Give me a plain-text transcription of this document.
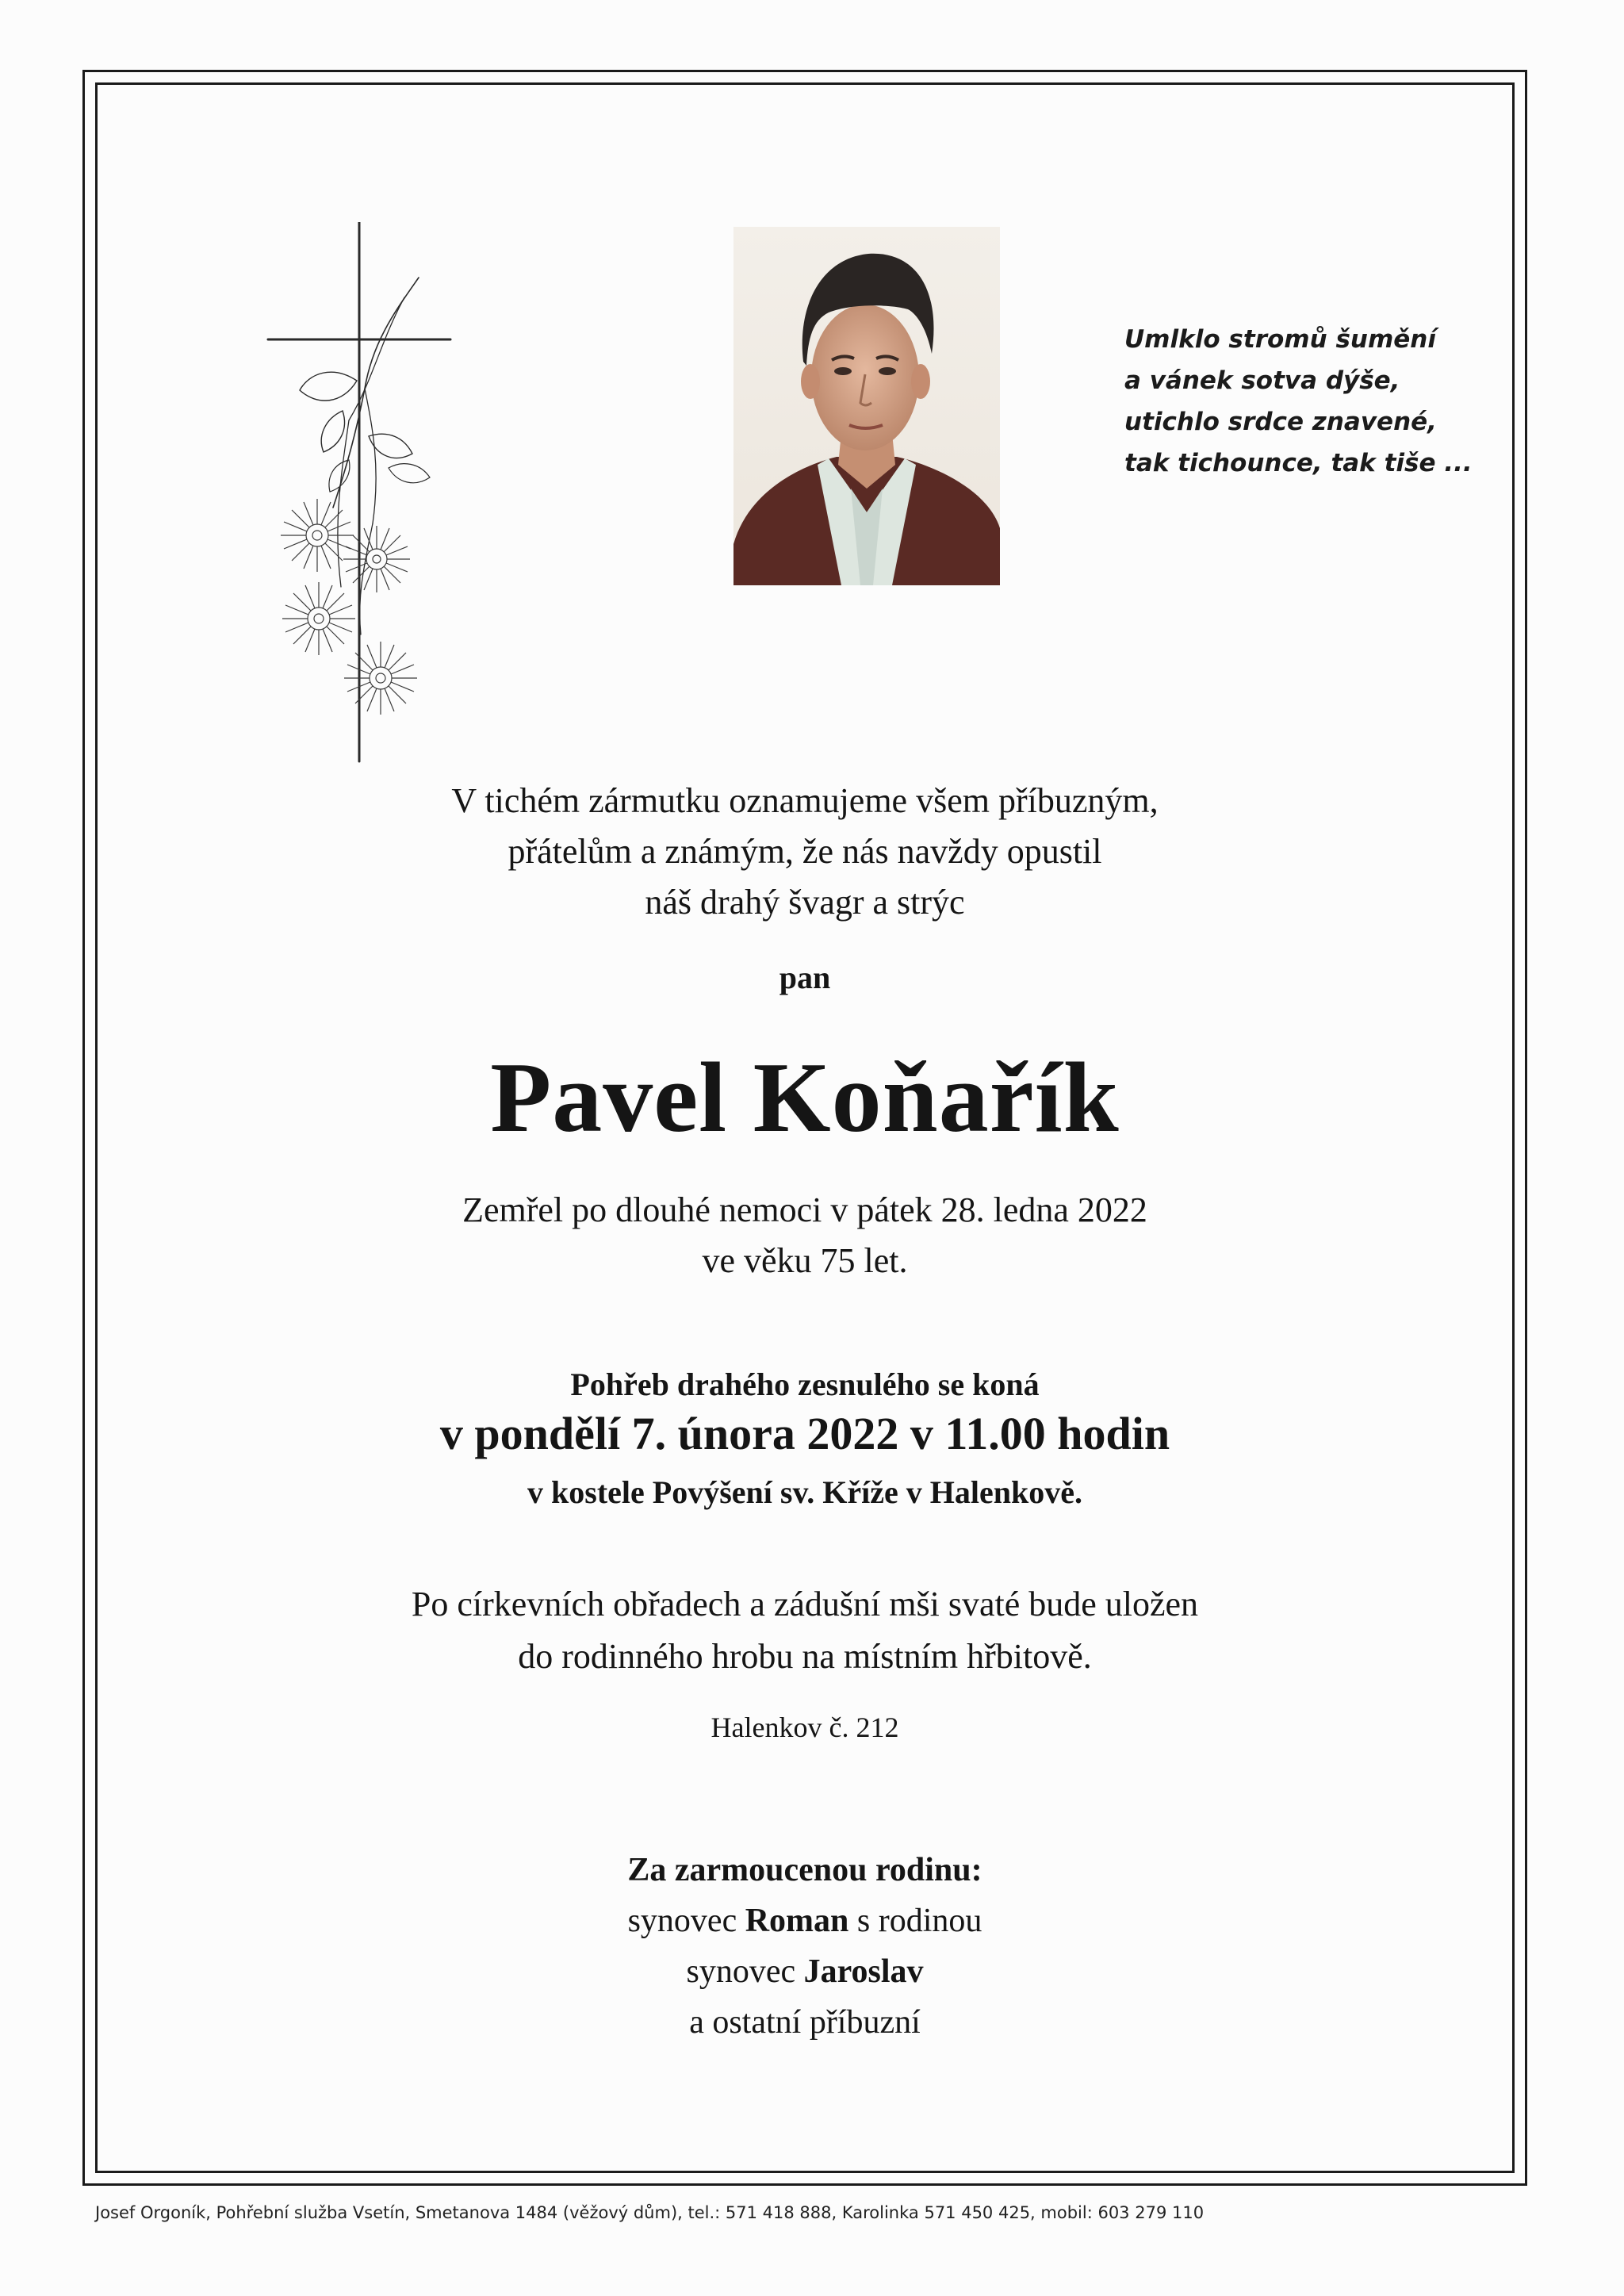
Umlklo stromů šumění
a vánek sotva dýše,
utichlo srdce znavené,
tak tichounce, tak tiše ...
V tichém zármutku oznamujeme všem příbuzným,
přátelům a známým, že nás navždy opustil
náš drahý švagr a strýc
pan
Pavel Koňařík
Zemřel po dlouhé nemoci v pátek 28. ledna 2022
ve věku 75 let.
Pohřeb drahého zesnulého se koná
v pondělí 7. února 2022 v 11.00 hodin
v kostele Povýšení sv. Kříže v Halenkově.
Po církevních obřadech a zádušní mši svaté bude uložen
do rodinného hrobu na místním hřbitově.
Halenkov č. 212
Za zarmoucenou rodinu:
synovec Roman s rodinou
synovec Jaroslav
a ostatní příbuzní
Josef Orgoník, Pohřební služba Vsetín, Smetanova 1484 (věžový dům), tel.: 571 418 888, Karolinka 571 450 425, mobil: 603 279 110
